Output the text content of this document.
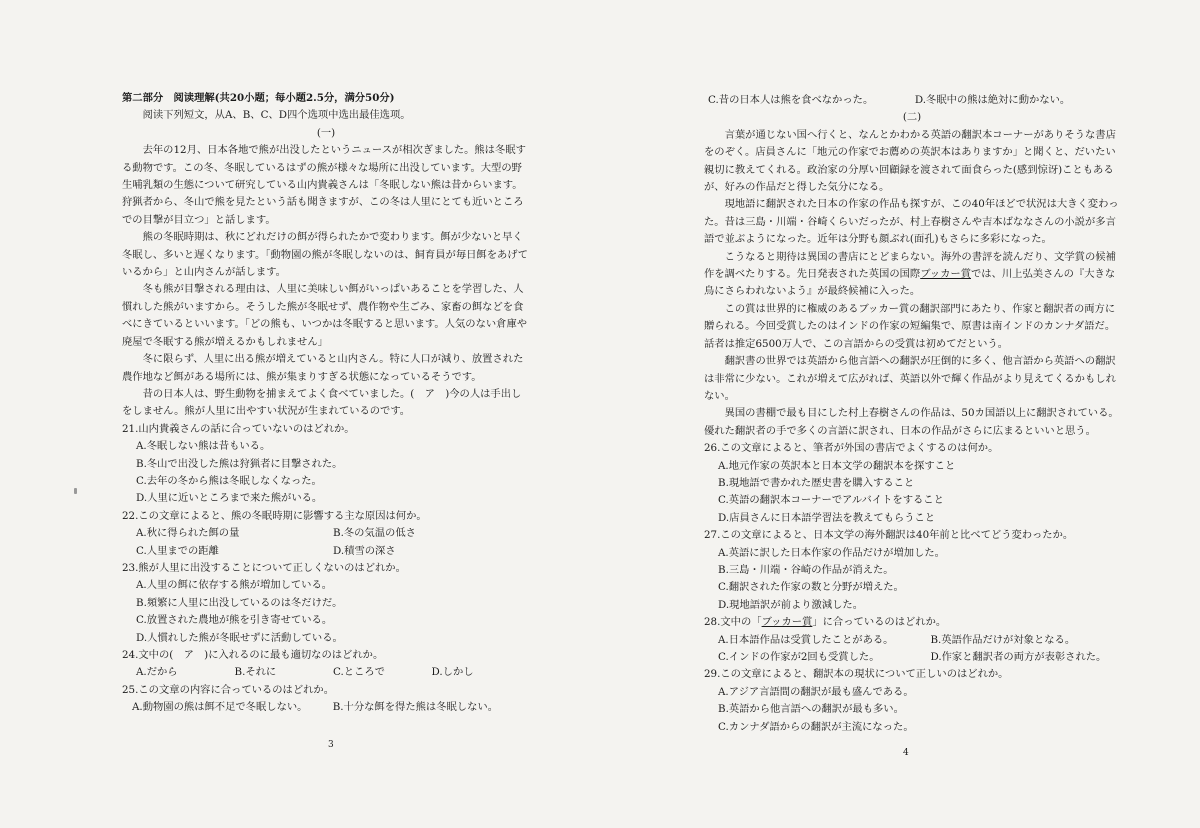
第二部分　阅读理解(共20小题；每小题2.5分，满分50分)

阅读下列短文，从A、B、C、D四个选项中选出最佳选项。

(一)

去年の12月、日本各地で熊が出没したというニュースが相次ぎました。熊は冬眠する動物です。この冬、冬眠しているはずの熊が様々な場所に出没しています。大型の野生哺乳類の生態について研究している山内貴義さんは「冬眠しない熊は昔からいます。狩猟者から、冬山で熊を見たという話も聞きますが、この冬は人里にとても近いところでの目撃が目立つ」と話します。

熊の冬眠時期は、秋にどれだけの餌が得られたかで変わります。餌が少ないと早く冬眠し、多いと遅くなります。「動物園の熊が冬眠しないのは、飼育員が毎日餌をあげているから」と山内さんが話します。

冬も熊が目撃される理由は、人里に美味しい餌がいっぱいあることを学習した、人慣れした熊がいますから。そうした熊が冬眠せず、農作物や生ごみ、家畜の餌などを食べにきているといいます。「どの熊も、いつかは冬眠すると思います。人気のない倉庫や廃屋で冬眠する熊が増えるかもしれません」

冬に限らず、人里に出る熊が増えていると山内さん。特に人口が減り、放置された農作地など餌がある場所には、熊が集まりすぎる状態になっているそうです。

昔の日本人は、野生動物を捕まえてよく食べていました。(　ア　)今の人は手出しをしません。熊が人里に出やすい状況が生まれているのです。

21.山内貴義さんの話に合っていないのはどれか。

A.冬眠しない熊は昔もいる。

B.冬山で出没した熊は狩猟者に目撃された。

C.去年の冬から熊は冬眠しなくなった。

D.人里に近いところまで来た熊がいる。

22.この文章によると、熊の冬眠時期に影響する主な原因は何か。

A.秋に得られた餌の量	B.冬の気温の低さ
C.人里までの距離	D.積雪の深さ

23.熊が人里に出没することについて正しくないのはどれか。

A.人里の餌に依存する熊が増加している。

B.頻繁に人里に出没しているのは冬だけだ。

C.放置された農地が熊を引き寄せている。

D.人慣れした熊が冬眠せずに活動している。

24.文中の(　ア　)に入れるのに最も適切なのはどれか。

A.だから	B.それに	C.ところで	D.しかし

25.この文章の内容に合っているのはどれか。

A.動物園の熊は餌不足で冬眠しない。	B.十分な餌を得た熊は冬眠しない。
3
C.昔の日本人は熊を食べなかった。	D.冬眠中の熊は絶対に動かない。

(二)

言葉が通じない国へ行くと、なんとかわかる英語の翻訳本コーナーがありそうな書店をのぞく。店員さんに「地元の作家でお薦めの英訳本はありますか」と聞くと、だいたい親切に教えてくれる。政治家の分厚い回顧録を渡されて面食らった(感到惊讶)こともあるが、好みの作品だと得した気分になる。

現地語に翻訳された日本の作家の作品も探すが、この40年ほどで状況は大きく変わった。昔は三島・川端・谷崎くらいだったが、村上春樹さんや吉本ばななさんの小説が多言語で並ぶようになった。近年は分野も顔ぶれ(面孔)もさらに多彩になった。

こうなると期待は異国の書店にとどまらない。海外の書評を読んだり、文学賞の候補作を調べたりする。先日発表された英国の国際ブッカー賞では、川上弘美さんの『大きな鳥にさらわれないよう』が最終候補に入った。

この賞は世界的に権威のあるブッカー賞の翻訳部門にあたり、作家と翻訳者の両方に贈られる。今回受賞したのはインドの作家の短編集で、原書は南インドのカンナダ語だ。話者は推定6500万人で、この言語からの受賞は初めてだという。

翻訳書の世界では英語から他言語への翻訳が圧倒的に多く、他言語から英語への翻訳は非常に少ない。これが増えて広がれば、英語以外で輝く作品がより見えてくるかもしれない。

異国の書棚で最も目にした村上春樹さんの作品は、50カ国語以上に翻訳されている。優れた翻訳者の手で多くの言語に訳され、日本の作品がさらに広まるといいと思う。

26.この文章によると、筆者が外国の書店でよくするのは何か。

A.地元作家の英訳本と日本文学の翻訳本を探すこと

B.現地語で書かれた歴史書を購入すること

C.英語の翻訳本コーナーでアルバイトをすること

D.店員さんに日本語学習法を教えてもらうこと

27.この文章によると、日本文学の海外翻訳は40年前と比べてどう変わったか。

A.英語に訳した日本作家の作品だけが増加した。

B.三島・川端・谷崎の作品が消えた。

C.翻訳された作家の数と分野が増えた。

D.現地語訳が前より激減した。

28.文中の「ブッカー賞」に合っているのはどれか。

A.日本語作品は受賞したことがある。	B.英語作品だけが対象となる。
C.インドの作家が2回も受賞した。	D.作家と翻訳者の両方が表彰された。

29.この文章によると、翻訳本の現状について正しいのはどれか。

A.アジア言語間の翻訳が最も盛んである。

B.英語から他言語への翻訳が最も多い。

C.カンナダ語からの翻訳が主流になった。

4
